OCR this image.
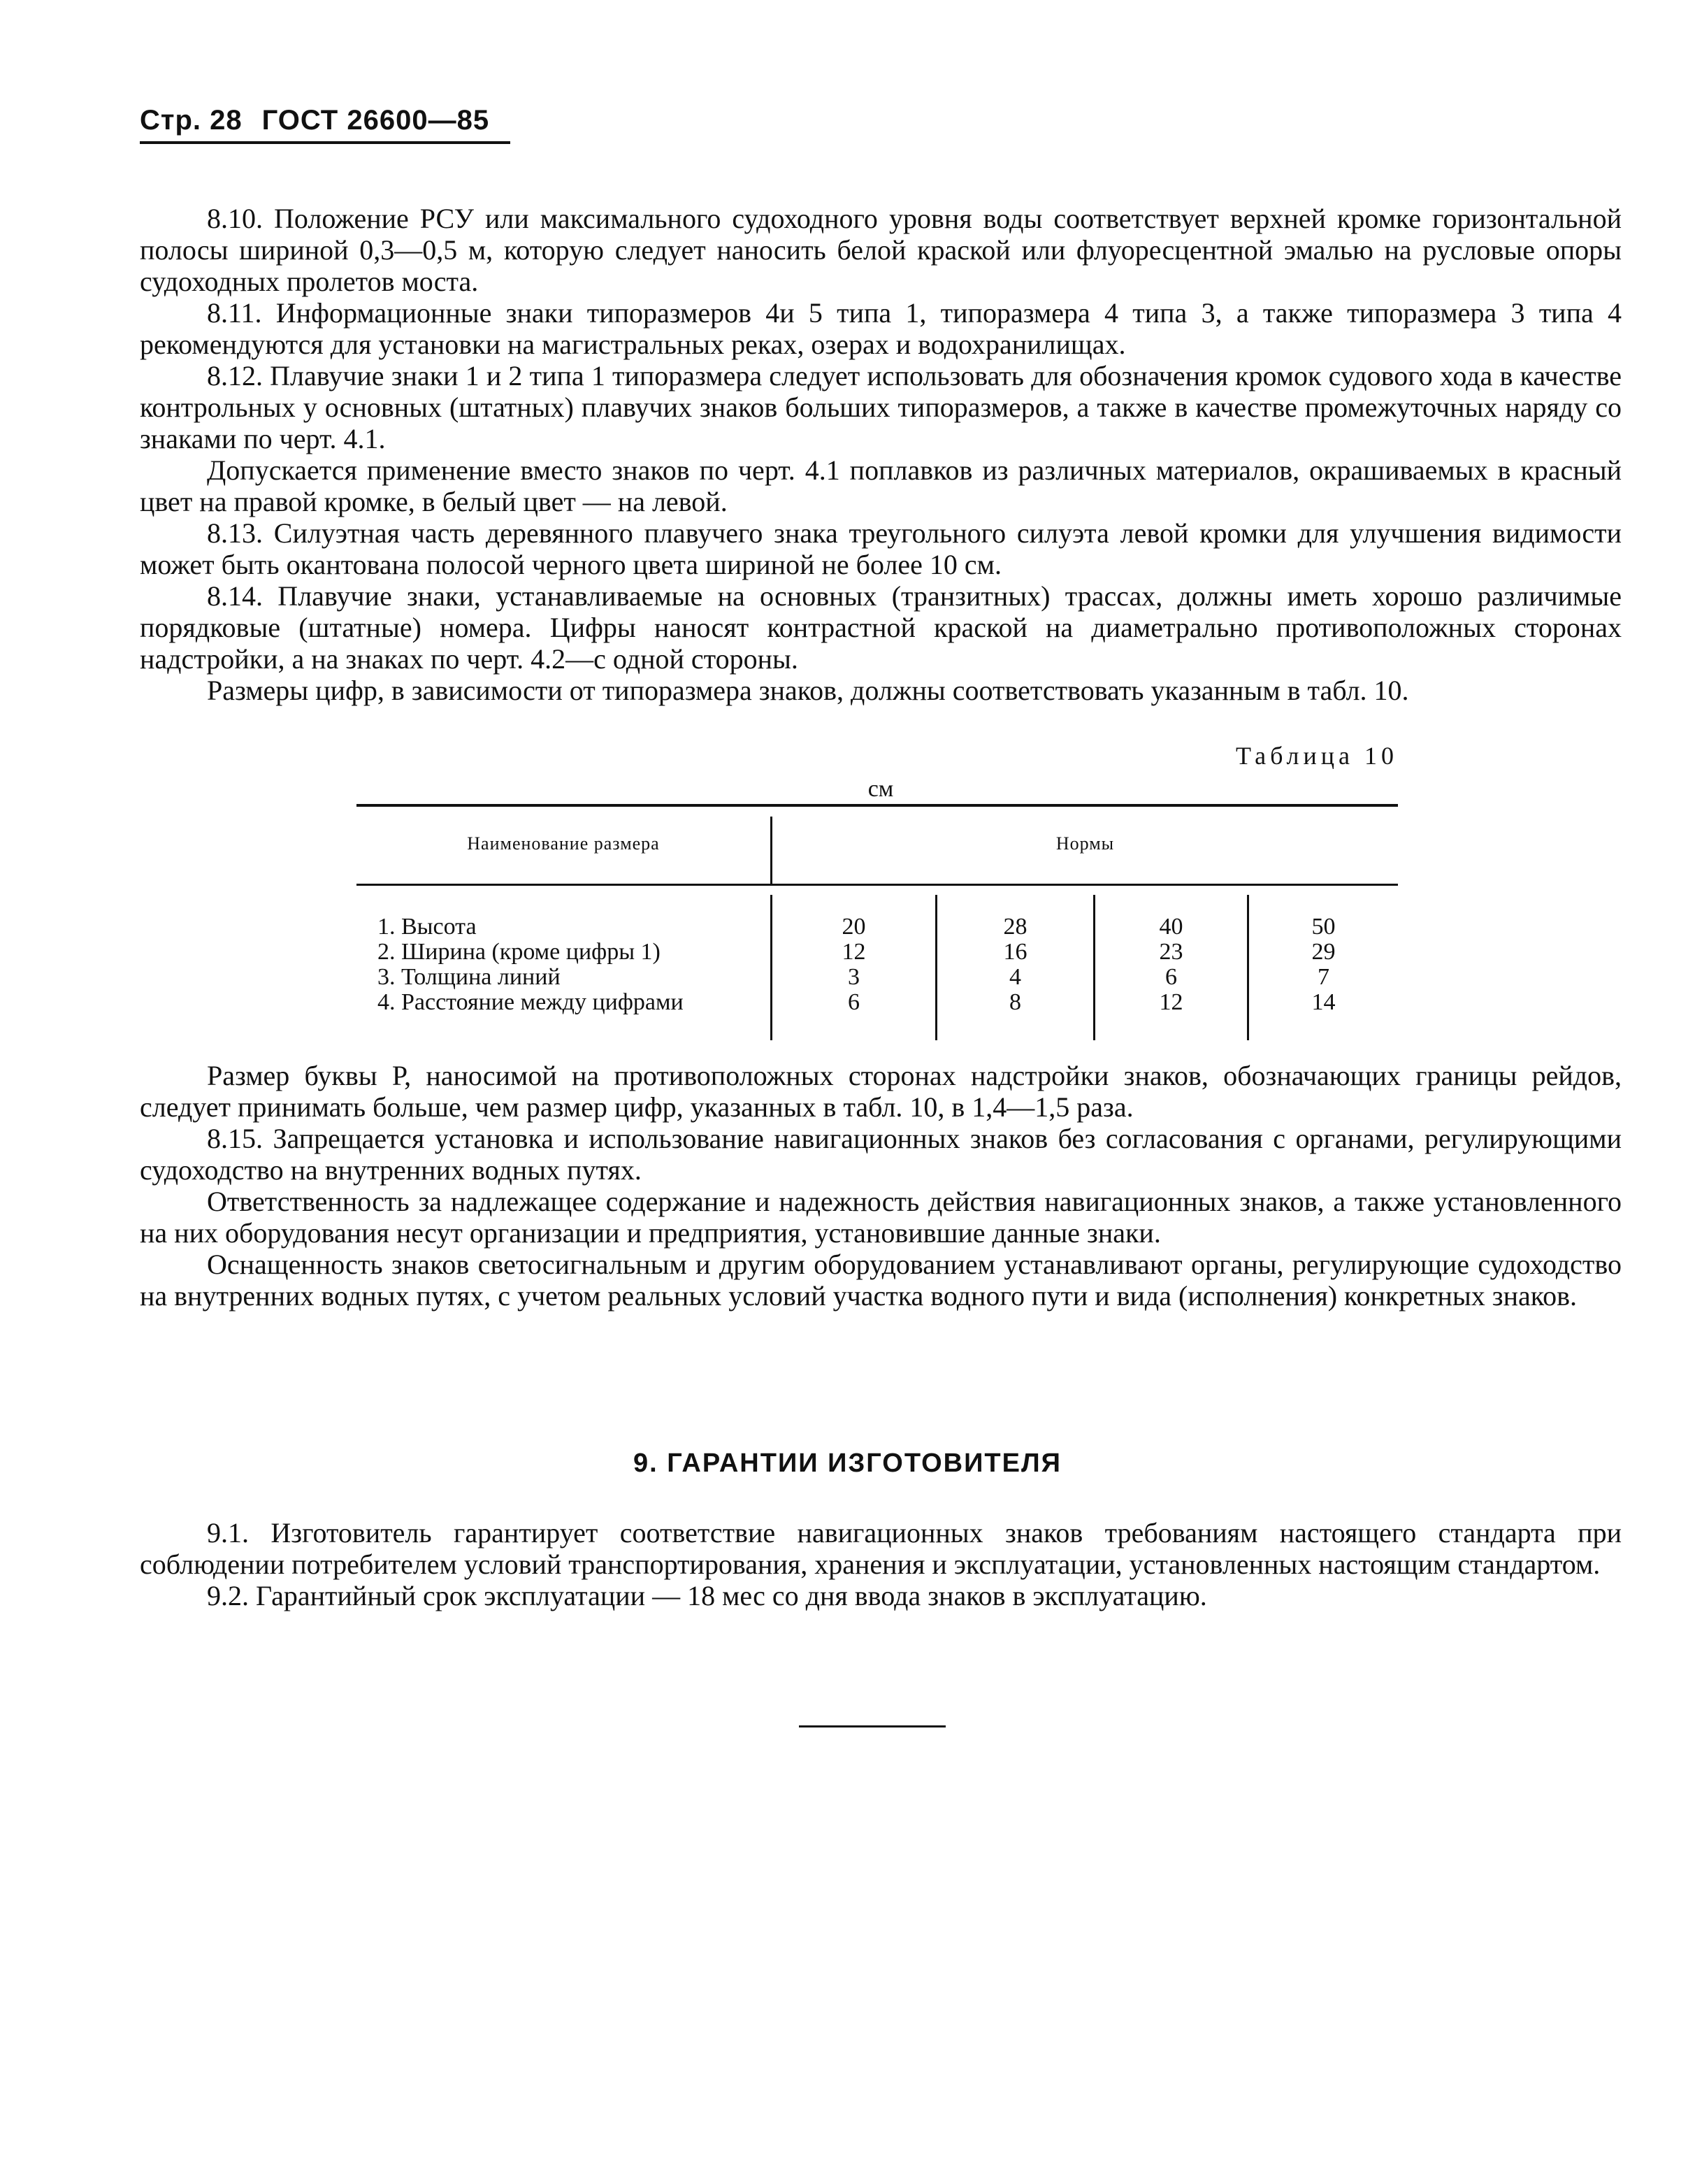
Стр. 28 ГОСТ 26600—85

8.10. Положение РСУ или максимального судоходного уровня воды соответствует верхней кромке горизонтальной полосы шириной 0,3—0,5 м, которую следует наносить белой краской или флуоресцентной эмалью на русловые опоры судоходных пролетов моста.

8.11. Информационные знаки типоразмеров 4и 5 типа 1, типоразмера 4 типа 3, а также типоразмера 3 типа 4 рекомендуются для установки на магистральных реках, озерах и водохранилищах.

8.12. Плавучие знаки 1 и 2 типа 1 типоразмера следует использовать для обозначения кромок судового хода в качестве контрольных у основных (штатных) плавучих знаков больших типоразмеров, а также в качестве промежуточных наряду со знаками по черт. 4.1.

Допускается применение вместо знаков по черт. 4.1 поплавков из различных материалов, окрашиваемых в красный цвет на правой кромке, в белый цвет — на левой.

8.13. Силуэтная часть деревянного плавучего знака треугольного силуэта левой кромки для улучшения видимости может быть окантована полосой черного цвета шириной не более 10 см.

8.14. Плавучие знаки, устанавливаемые на основных (транзитных) трассах, должны иметь хорошо различимые порядковые (штатные) номера. Цифры наносят контрастной краской на диаметрально противоположных сторонах надстройки, а на знаках по черт. 4.2—с одной стороны.

Размеры цифр, в зависимости от типоразмера знаков, должны соответствовать указанным в табл. 10.

Таблица 10
см
Наименование размера	Нормы
1. Высота	20	28	40	50
2. Ширина (кроме цифры 1)	12	16	23	29
3. Толщина линий	3	4	6	7
4. Расстояние между цифрами	6	8	12	14

Размер буквы Р, наносимой на противоположных сторонах надстройки знаков, обозначающих границы рейдов, следует принимать больше, чем размер цифр, указанных в табл. 10, в 1,4—1,5 раза.

8.15. Запрещается установка и использование навигационных знаков без согласования с органами, регулирующими судоходство на внутренних водных путях.

Ответственность за надлежащее содержание и надежность действия навигационных знаков, а также установленного на них оборудования несут организации и предприятия, установившие данные знаки.

Оснащенность знаков светосигнальным и другим оборудованием устанавливают органы, регулирующие судоходство на внутренних водных путях, с учетом реальных условий участка водного пути и вида (исполнения) конкретных знаков.

9. ГАРАНТИИ ИЗГОТОВИТЕЛЯ

9.1. Изготовитель гарантирует соответствие навигационных знаков требованиям настоящего стандарта при соблюдении потребителем условий транспортирования, хранения и эксплуатации, установленных настоящим стандартом.

9.2. Гарантийный срок эксплуатации — 18 мес со дня ввода знаков в эксплуатацию.
